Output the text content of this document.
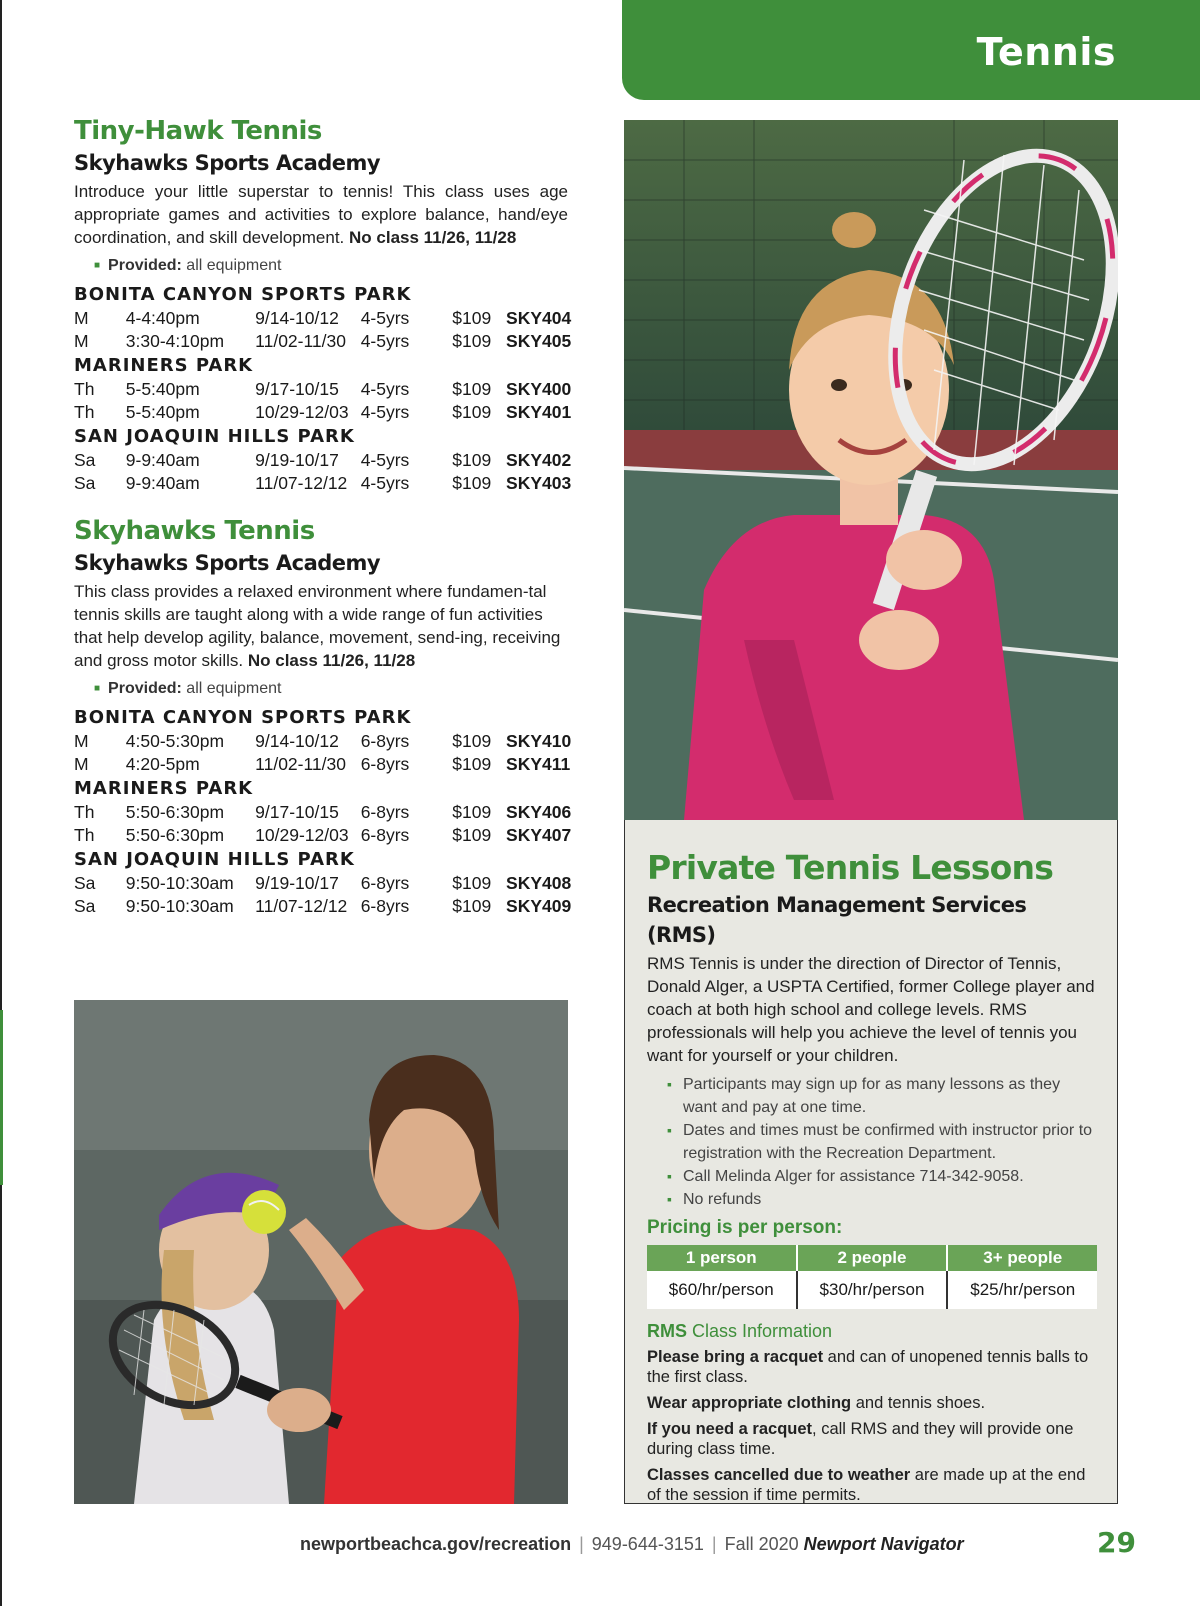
Tennis
Tiny-Hawk Tennis
Skyhawks Sports Academy

Introduce your little superstar to tennis! This class uses age appropriate games and activities to explore balance, hand/eye coordination, and skill development. No class 11/26, 11/28

■ Provided: all equipment

BONITA CANYON SPORTS PARK
M	4-4:40pm	9/14-10/12	4-5yrs	$109 SKY404
M	3:30-4:10pm	11/02-11/30 4-5yrs	$109 SKY405
MARINERS PARK
Th	5-5:40pm	9/17-10/15	4-5yrs	$109 SKY400
Th	5-5:40pm	10/29-12/03 4-5yrs	$109 SKY401
SAN JOAQUIN HILLS PARK
Sa	9-9:40am	9/19-10/17	4-5yrs	$109 SKY402
Sa	9-9:40am	11/07-12/12 4-5yrs	$109 SKY403
Skyhawks Tennis
Skyhawks Sports Academy

This class provides a relaxed environment where fundamen-tal tennis skills are taught along with a wide range of fun activities that help develop agility, balance, movement, send-ing, receiving and gross motor skills. No class 11/26, 11/28

■ Provided: all equipment

BONITA CANYON SPORTS PARK
M	4:50-5:30pm	9/14-10/12	6-8yrs	$109 SKY410
M	4:20-5pm	11/02-11/30 6-8yrs	$109 SKY411
MARINERS PARK
Th	5:50-6:30pm	9/17-10/15	6-8yrs	$109 SKY406
Th	5:50-6:30pm	10/29-12/03 6-8yrs	$109 SKY407
SAN JOAQUIN HILLS PARK
Sa	9:50-10:30am	9/19-10/17	6-8yrs	$109 SKY408
Sa	9:50-10:30am	11/07-12/12 6-8yrs	$109 SKY409
Private Tennis Lessons
Recreation Management Services (RMS)

RMS Tennis is under the direction of Director of Tennis, Donald Alger, a USPTA Certified, former College player and coach at both high school and college levels. RMS professionals will help you achieve the level of tennis you want for yourself or your children.

▪ Participants may sign up for as many lessons as they want and pay at one time.
▪ Dates and times must be confirmed with instructor prior to registration with the Recreation Department.
▪ Call Melinda Alger for assistance 714-342-9058.
▪ No refunds
Pricing is per person:
1 person	2 people	3+ people
$60/hr/person	$30/hr/person	$25/hr/person
RMS Class Information

Please bring a racquet and can of unopened tennis balls to the first class.

Wear appropriate clothing and tennis shoes.

If you need a racquet, call RMS and they will provide one during class time.

Classes cancelled due to weather are made up at the end of the session if time permits.

newportbeachca.gov/recreation | 949-644-3151 | Fall 2020 Newport Navigator	29
